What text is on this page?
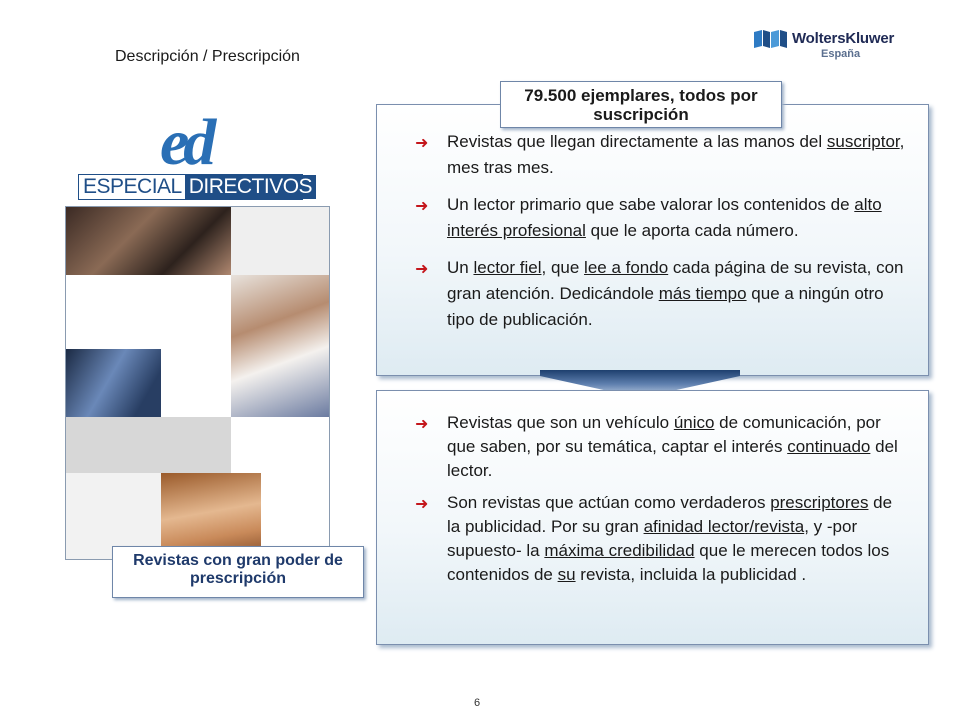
Descripción / Prescripción
WoltersKluwer
España
ed
ESPECIAL DIRECTIVOS
Revistas con gran poder de prescripción
➜ Revistas que llegan directamente a las manos del suscriptor, mes tras mes.
➜ Un lector primario que sabe valorar los contenidos de alto interés profesional que le aporta cada número.
➜ Un lector fiel, que lee a fondo cada página de su revista, con gran atención. Dedicándole más tiempo que a ningún otro tipo de publicación.
79.500 ejemplares, todos por suscripción
➜ Revistas que son un vehículo único de comunicación, por que saben, por su temática, captar el interés continuado del lector.
➜ Son revistas que actúan como verdaderos prescriptores de la publicidad. Por su gran afinidad lector/revista, y -por supuesto- la máxima credibilidad que le merecen todos los contenidos de su revista, incluida la publicidad .
6
